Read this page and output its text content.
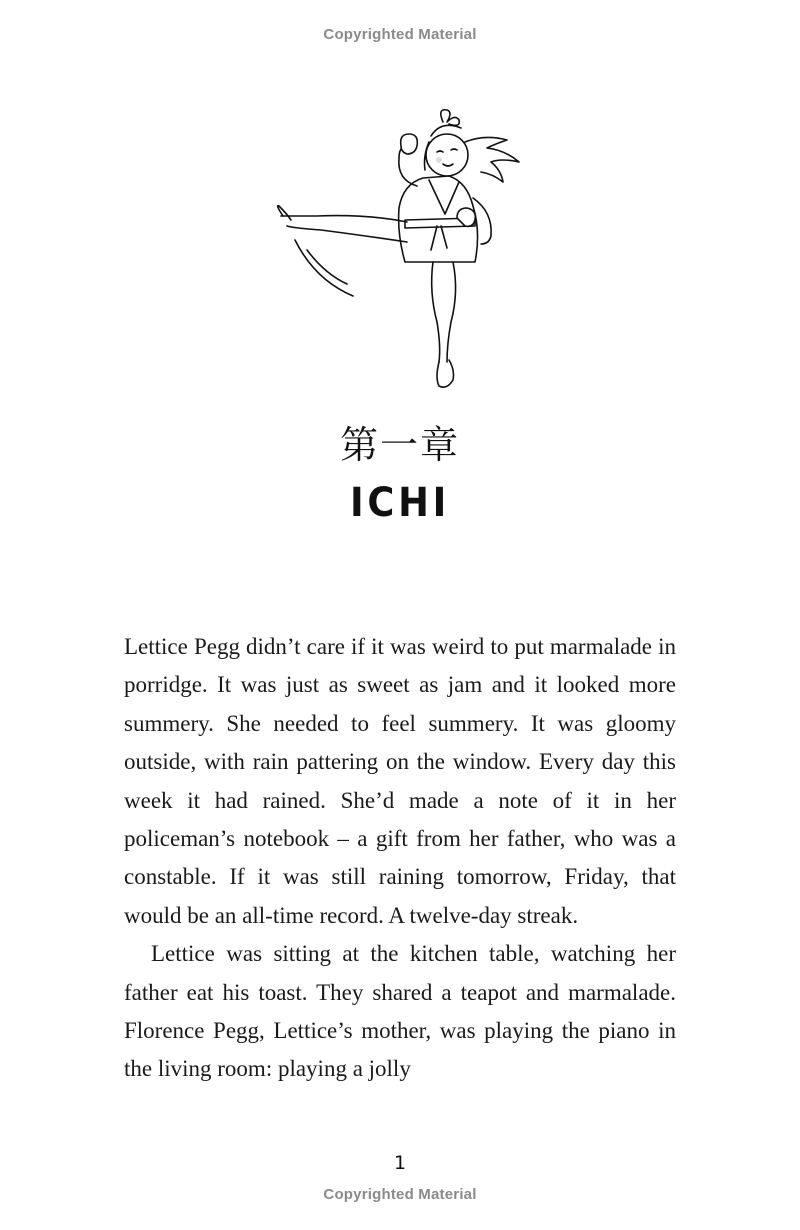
Copyrighted Material
第一章
ICHI

Lettice Pegg didn’t care if it was weird to put marmalade in porridge. It was just as sweet as jam and it looked more summery. She needed to feel summery. It was gloomy outside, with rain pattering on the window. Every day this week it had rained. She’d made a note of it in her policeman’s notebook – a gift from her father, who was a constable. If it was still raining tomorrow, Friday, that would be an all-time record. A twelve-day streak.

Lettice was sitting at the kitchen table, watching her father eat his toast. They shared a teapot and marmalade. Florence Pegg, Lettice’s mother, was playing the piano in the living room: playing a jolly

1
Copyrighted Material
